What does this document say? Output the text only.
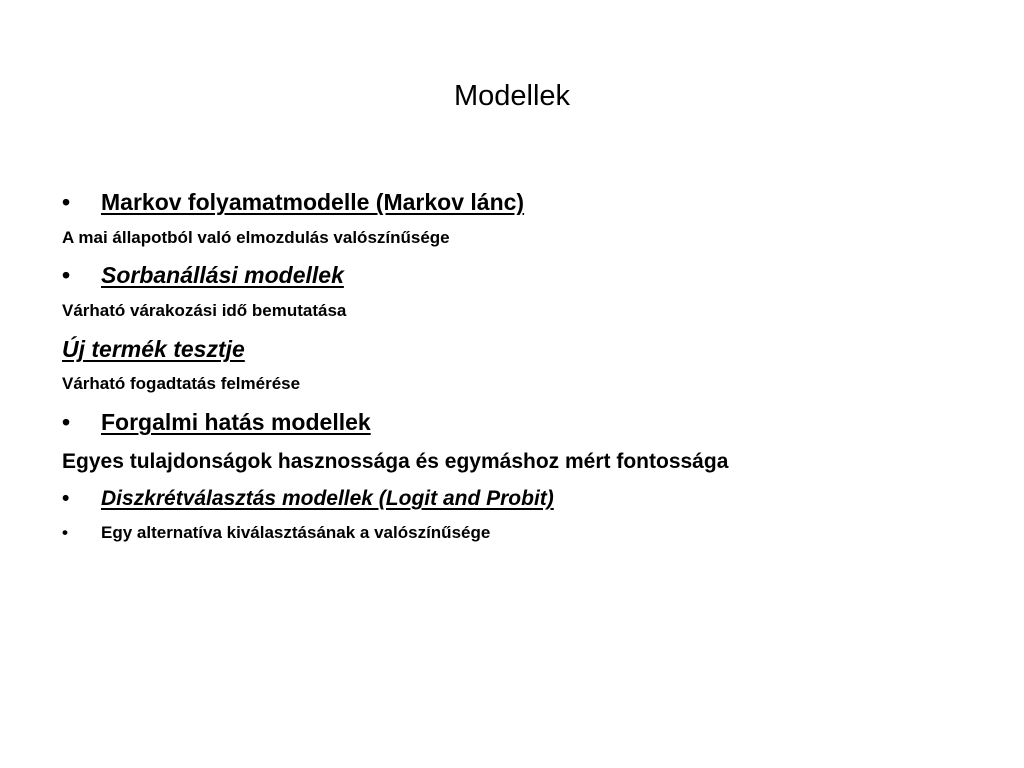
Modellek
• Markov folyamatmodelle (Markov lánc)

A mai állapotból való elmozdulás valószínűsége

• Sorbanállási modellek

Várható várakozási idő bemutatása

Új termék tesztje

Várható fogadtatás felmérése

• Forgalmi hatás modellek

Egyes tulajdonságok hasznossága és egymáshoz mért fontossága

• Diszkrétválasztás modellek (Logit and Probit)

• Egy alternatíva kiválasztásának a valószínűsége
